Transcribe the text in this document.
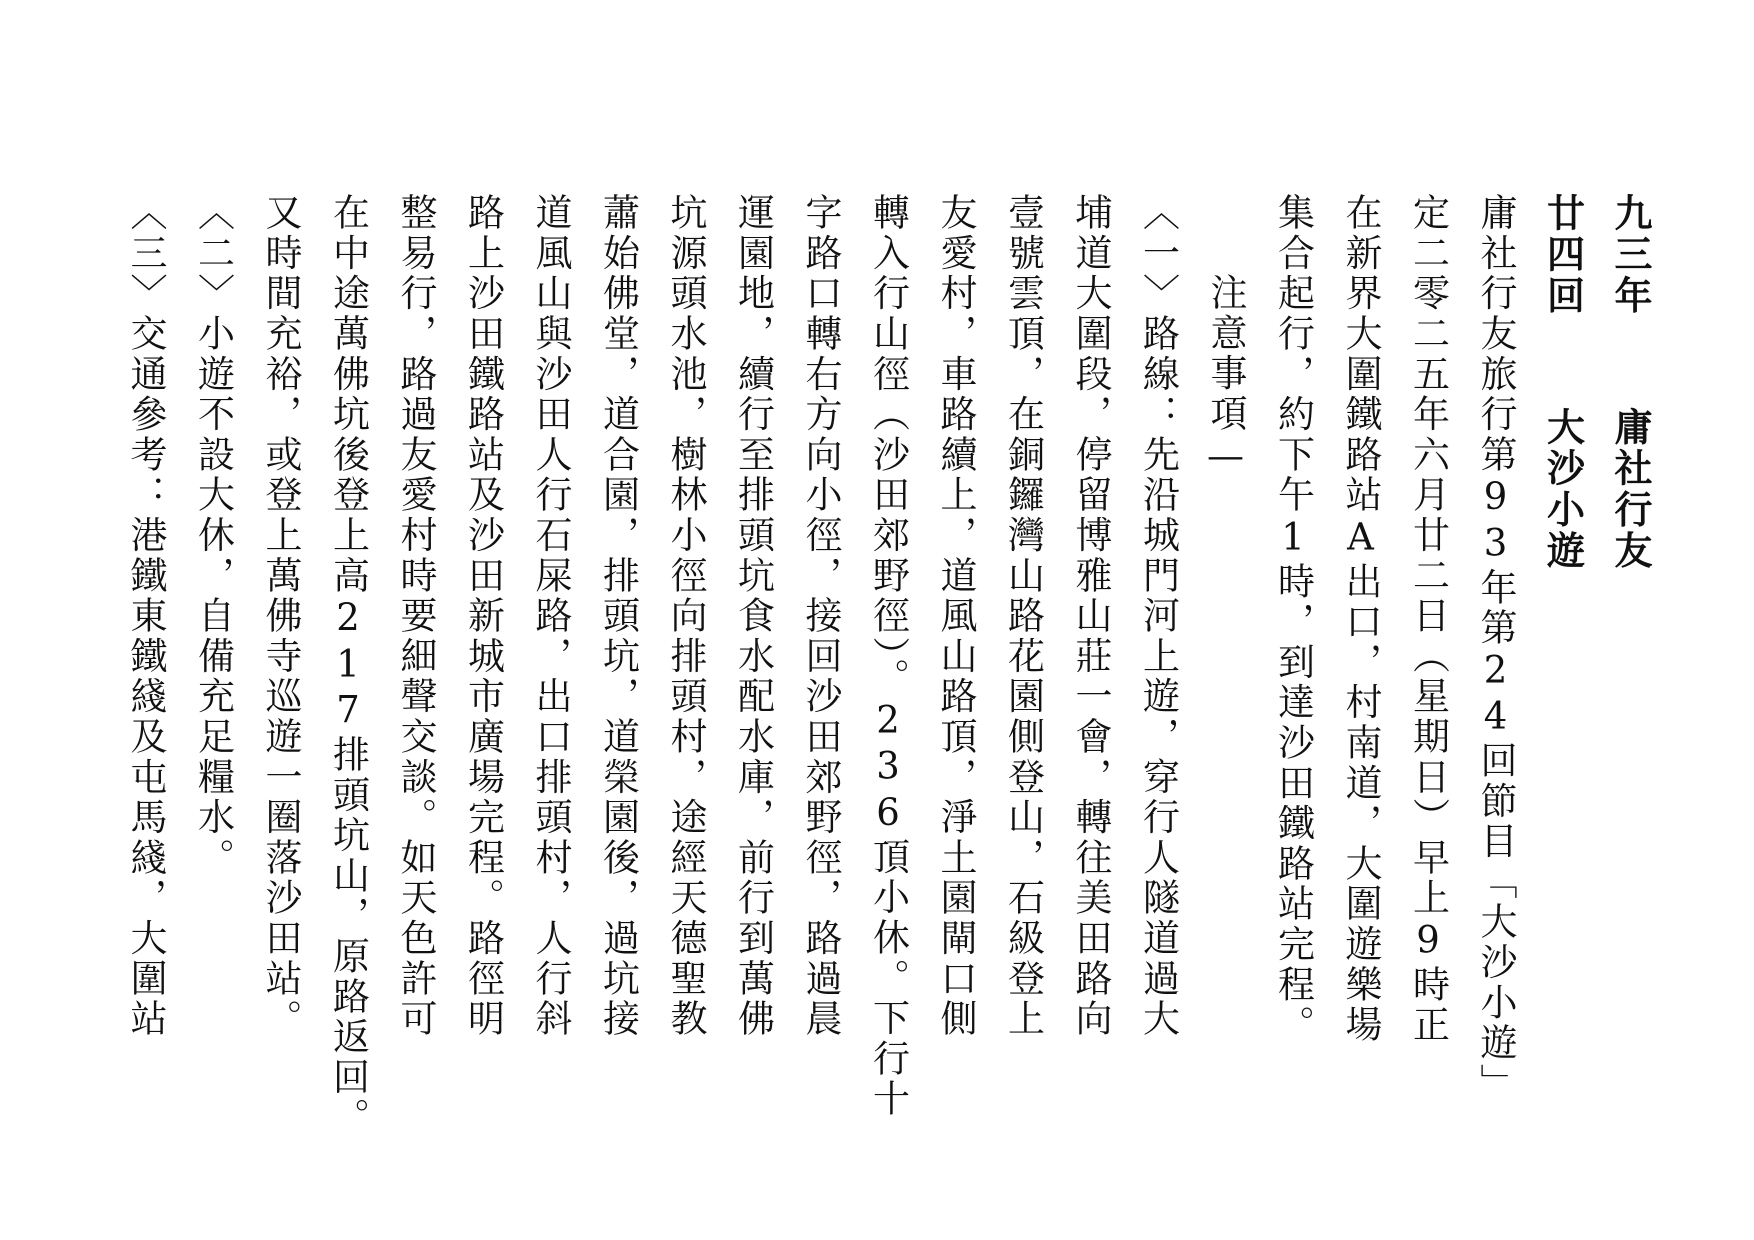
九三年庸社行友
廿四回大沙小遊
庸社行友旅行第93年第24回節目「大沙小遊」
定二零二五年六月廿二日（星期日）早上9時正
在新界大圍鐵路站A出口，村南道，大圍遊樂場
集合起行，約下午1時，到達沙田鐵路站完程。
注意事項—
〈一〉路線：先沿城門河上遊，穿行人隧道過大
埔道大圍段，停留博雅山莊一會，轉往美田路向
壹號雲頂，在銅鑼灣山路花園側登山，石級登上
友愛村，車路續上，道風山路頂，淨土園閘口側
轉入行山徑（沙田郊野徑）。236頂小休。下行十
字路口轉右方向小徑，接回沙田郊野徑，路過晨
運園地，續行至排頭坑食水配水庫，前行到萬佛
坑源頭水池，樹林小徑向排頭村，途經天德聖教
蕭始佛堂，道合園，排頭坑，道榮園後，過坑接
道風山與沙田人行石屎路，出口排頭村，人行斜
路上沙田鐵路站及沙田新城市廣場完程。路徑明
整易行，路過友愛村時要細聲交談。如天色許可
在中途萬佛坑後登上高217排頭坑山，原路返回。
又時間充裕，或登上萬佛寺巡遊一圈落沙田站。
〈二〉小遊不設大休，自備充足糧水。
〈三〉交通參考：港鐵東鐵綫及屯馬綫，大圍站
